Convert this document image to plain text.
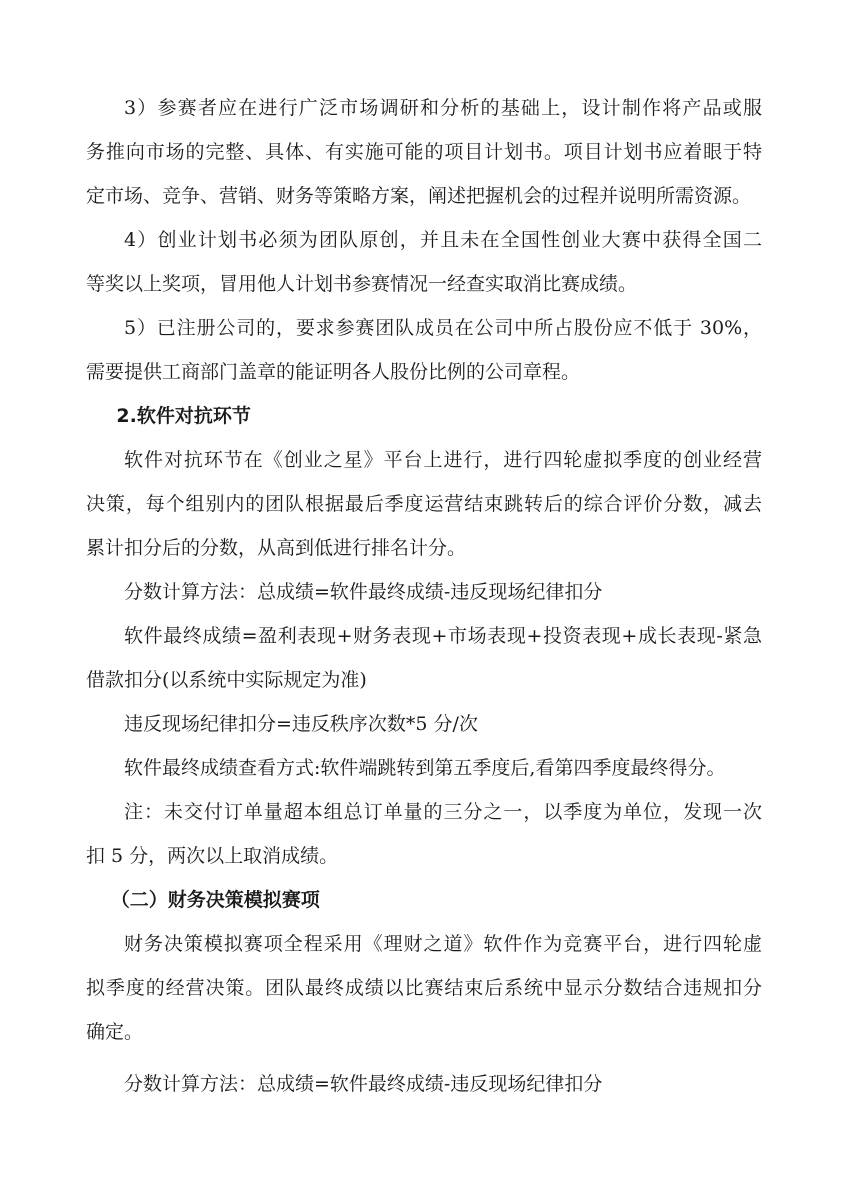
3）参赛者应在进行广泛市场调研和分析的基础上，设计制作将产品或服

务推向市场的完整、具体、有实施可能的项目计划书。项目计划书应着眼于特

定市场、竞争、营销、财务等策略方案，阐述把握机会的过程并说明所需资源。

4）创业计划书必须为团队原创，并且未在全国性创业大赛中获得全国二

等奖以上奖项，冒用他人计划书参赛情况一经查实取消比赛成绩。

5）已注册公司的，要求参赛团队成员在公司中所占股份应不低于 30%，

需要提供工商部门盖章的能证明各人股份比例的公司章程。

2.软件对抗环节

软件对抗环节在《创业之星》平台上进行，进行四轮虚拟季度的创业经营

决策，每个组别内的团队根据最后季度运营结束跳转后的综合评价分数，减去

累计扣分后的分数，从高到低进行排名计分。

分数计算方法：总成绩=软件最终成绩-违反现场纪律扣分

软件最终成绩=盈利表现+财务表现+市场表现+投资表现+成长表现-紧急

借款扣分(以系统中实际规定为准)

违反现场纪律扣分=违反秩序次数*5 分/次

软件最终成绩查看方式:软件端跳转到第五季度后,看第四季度最终得分。

注：未交付订单量超本组总订单量的三分之一，以季度为单位，发现一次

扣 5 分，两次以上取消成绩。

（二）财务决策模拟赛项

财务决策模拟赛项全程采用《理财之道》软件作为竞赛平台，进行四轮虚

拟季度的经营决策。团队最终成绩以比赛结束后系统中显示分数结合违规扣分

确定。

分数计算方法：总成绩=软件最终成绩-违反现场纪律扣分
